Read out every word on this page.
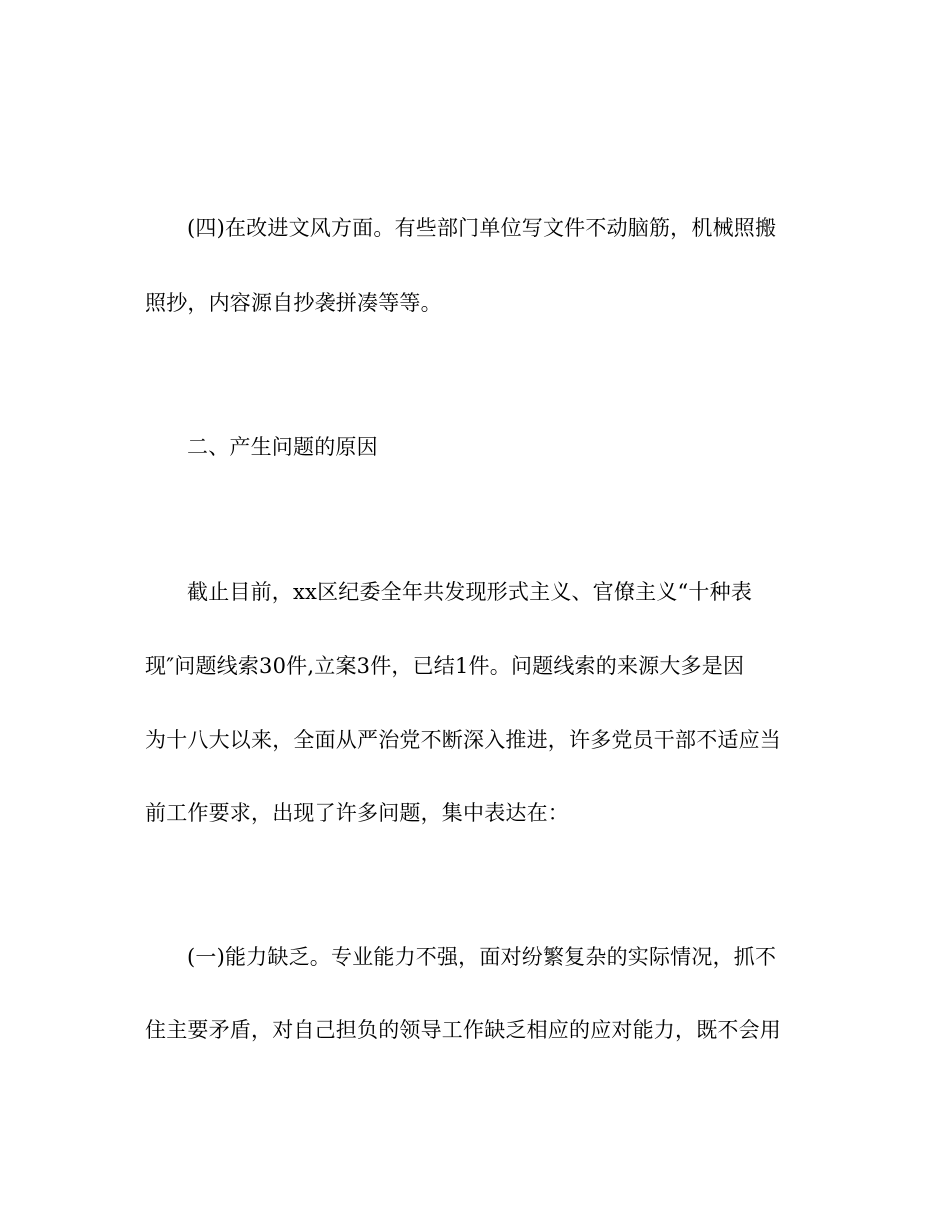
(四)在改进文风方面。有些部门单位写文件不动脑筋，机械照搬
照抄，内容源自抄袭拼凑等等。
二、产生问题的原因
截止目前，xx区纪委全年共发现形式主义、官僚主义“十种表
现″问题线索30件,立案3件，已结1件。问题线索的来源大多是因
为十八大以来，全面从严治党不断深入推进，许多党员干部不适应当
前工作要求，出现了许多问题，集中表达在：
(一)能力缺乏。专业能力不强，面对纷繁复杂的实际情况，抓不
住主要矛盾，对自己担负的领导工作缺乏相应的应对能力，既不会用
